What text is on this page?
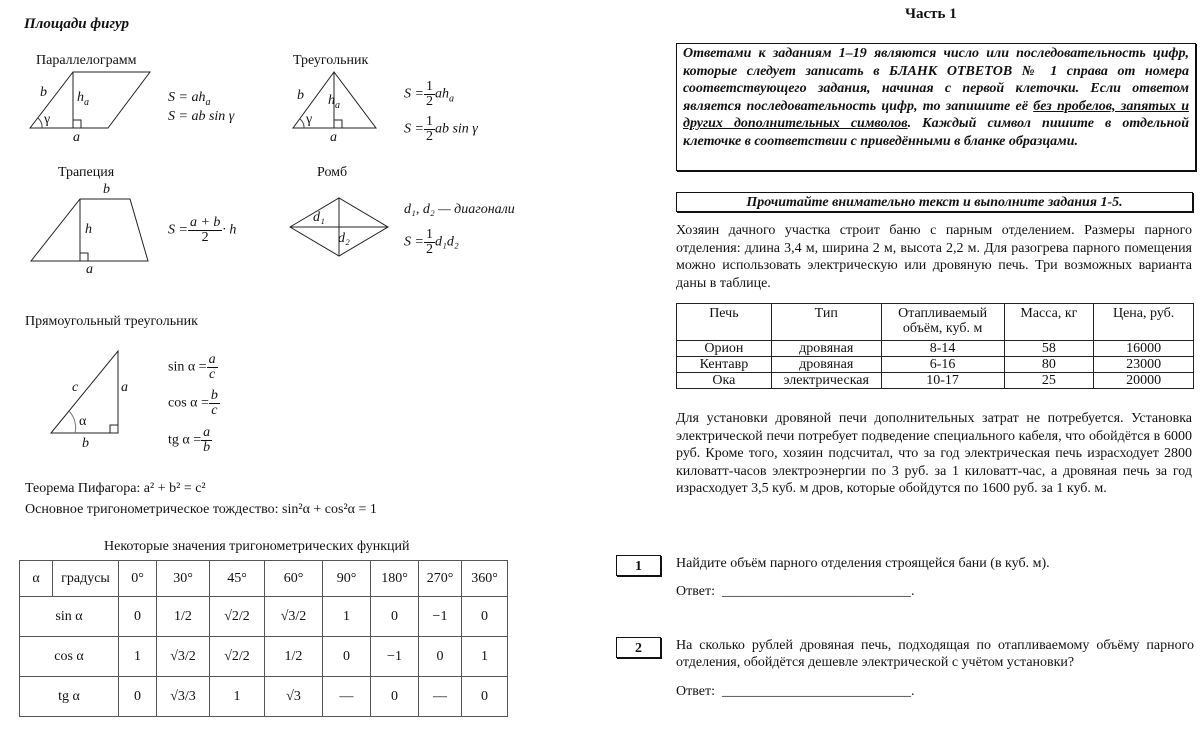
Площади фигур
Параллелограмм
b $h_a$
γ
a
$S = ah_a$
S = ab sin γ
Треугольник
b $h_a$
γ
a
$S = \frac{1}{2} ah_a$
$S = \frac{1}{2}$ ab sin γ
Трапеция
b
h
a
$S = \frac{a + b}{2} \cdot h$
Ромб
d₁
d₂
d₁, d₂ — диагонали
$S = \frac{1}{2} d_1d_2$
Прямоугольный треугольник
c	a
α
b
$\sin \alpha = \frac{a}{c}$
$\cos \alpha = \frac{b}{c}$
tg $\alpha = \frac{a}{b}$
Теорема Пифагора: a² + b² = c²
Основное тригонометрическое тождество: sin²α + cos²α = 1
Некоторые значения тригонометрических функций
α	градусы	0°	30°	45°	60°	90°	180°	270°	360°
sin α		0	1/2	√2/2	√3/2	1	0	−1	0
cos α		1	√3/2	√2/2	1/2	0	−1	0	1
tg α		0	√3/3	1	√3	—	0	—	0
Часть 1
Ответами к заданиям 1–19 являются число или последовательность цифр, которые следует записать в БЛАНК ОТВЕТОВ № 1 справа от номера соответствующего задания, начиная с первой клеточки. Если ответом является последовательность цифр, то запишите её без пробелов, запятых и других дополнительных символов. Каждый символ пишите в отдельной клеточке в соответствии с приведёнными в бланке образцами.
Прочитайте внимательно текст и выполните задания 1-5.
Хозяин дачного участка строит баню с парным отделением. Размеры парного отделения: длина 3,4 м, ширина 2 м, высота 2,2 м. Для разогрева парного помещения можно использовать электрическую или дровяную печь. Три возможных варианта даны в таблице.
Печь	Тип	Отапливаемый объём, куб. м	Масса, кг	Цена, руб.
Орион	дровяная	8-14	58	16000
Кентавр	дровяная	6-16	80	23000
Ока	электрическая	10-17	25	20000
Для установки дровяной печи дополнительных затрат не потребуется. Установка электрической печи потребует подведение специального кабеля, что обойдётся в 6000 руб. Кроме того, хозяин подсчитал, что за год электрическая печь израсходует 2800 киловатт-часов электроэнергии по 3 руб. за 1 киловатт-час, а дровяная печь за год израсходует 3,5 куб. м дров, которые обойдутся по 1600 руб. за 1 куб. м.
1	Найдите объём парного отделения строящейся бани (в куб. м).
Ответ: ___________________________.
2	На сколько рублей дровяная печь, подходящая по отапливаемому объёму парного отделения, обойдётся дешевле электрической с учётом установки?
Ответ: ___________________________.
